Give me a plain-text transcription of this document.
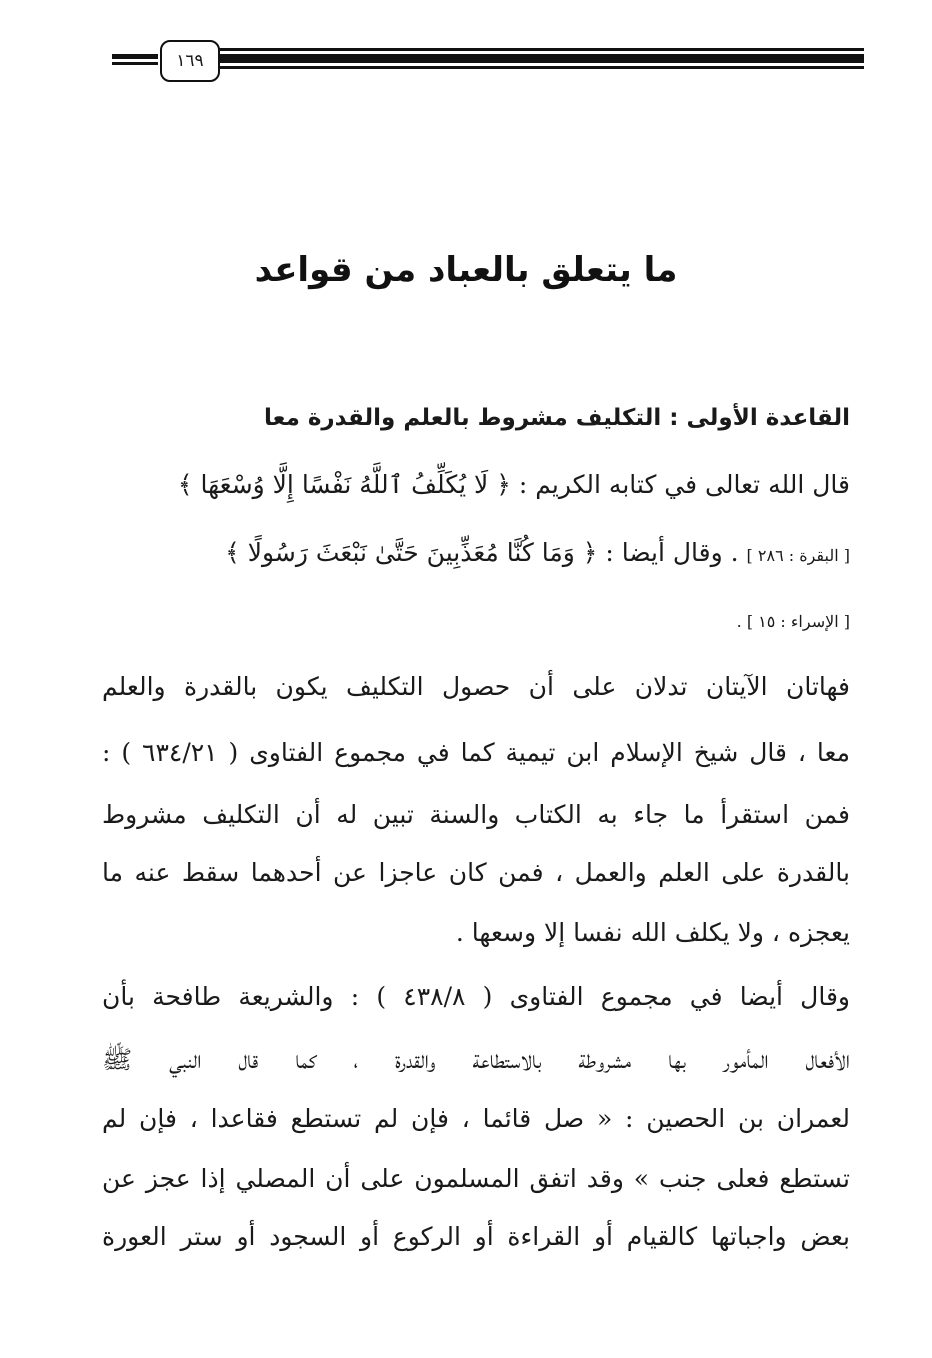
١٦٩
ما يتعلق بالعباد من قواعد
القاعدة الأولى : التكليف مشروط بالعلم والقدرة معا
قال الله تعالى في كتابه الكريم : ﴿ لَا يُكَلِّفُ ٱللَّهُ نَفْسًا إِلَّا وُسْعَهَا ﴾
[ البقرة : ٢٨٦ ] . وقال أيضا : ﴿ وَمَا كُنَّا مُعَذِّبِينَ حَتَّىٰ نَبْعَثَ رَسُولًا ﴾
[ الإسراء : ١٥ ] .
فهاتان الآيتان تدلان على أن حصول التكليف يكون بالقدرة والعلم
معا ، قال شيخ الإسلام ابن تيمية كما في مجموع الفتاوى ( ٦٣٤/٢١ ) :
فمن استقرأ ما جاء به الكتاب والسنة تبين له أن التكليف مشروط
بالقدرة على العلم والعمل ، فمن كان عاجزا عن أحدهما سقط عنه ما
يعجزه ، ولا يكلف الله نفسا إلا وسعها .
وقال أيضا في مجموع الفتاوى ( ٤٣٨/٨ ) : والشريعة طافحة بأن
الأفعال المأمور بها مشروطة بالاستطاعة والقدرة ، كما قال النبي ﷺ
لعمران بن الحصين : « صل قائما ، فإن لم تستطع فقاعدا ، فإن لم
تستطع فعلى جنب » وقد اتفق المسلمون على أن المصلي إذا عجز عن
بعض واجباتها كالقيام أو القراءة أو الركوع أو السجود أو ستر العورة
